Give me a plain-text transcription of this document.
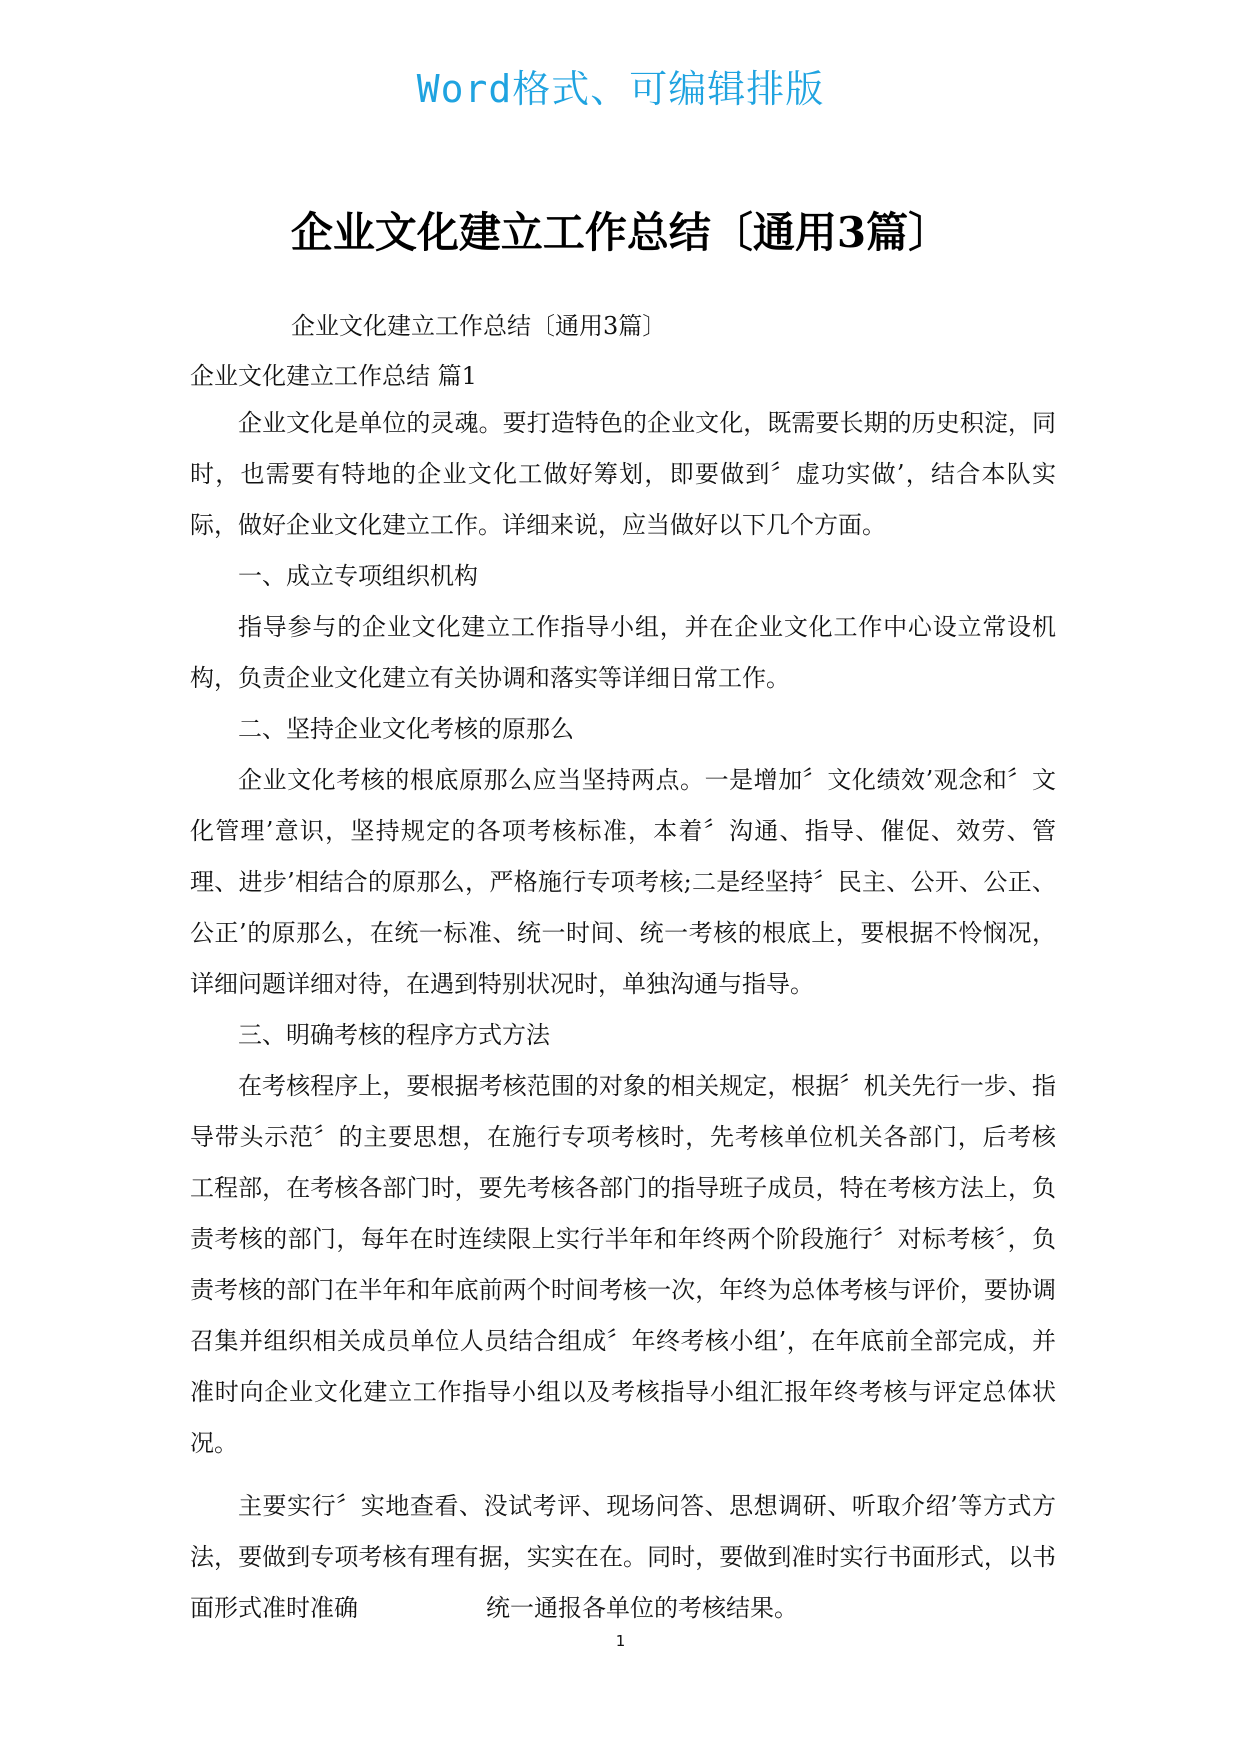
Word格式、可编辑排版
企业文化建立工作总结〔通用3篇〕
企业文化建立工作总结〔通用3篇〕
企业文化建立工作总结 篇1

企业文化是单位的灵魂。要打造特色的企业文化，既需要长期的历史积淀，同时，也需要有特地的企业文化工做好筹划，即要做到〞虚功实做’，结合本队实际，做好企业文化建立工作。详细来说，应当做好以下几个方面。

一、成立专项组织机构

指导参与的企业文化建立工作指导小组，并在企业文化工作中心设立常设机构，负责企业文化建立有关协调和落实等详细日常工作。

二、坚持企业文化考核的原那么

企业文化考核的根底原那么应当坚持两点。一是增加〞文化绩效’观念和〞文化管理’意识，坚持规定的各项考核标准，本着〞沟通、指导、催促、效劳、管理、进步’相结合的原那么，严格施行专项考核;二是经坚持〞民主、公开、公正、公正’的原那么，在统一标准、统一时间、统一考核的根底上，要根据不怜悯况，详细问题详细对待，在遇到特别状况时，单独沟通与指导。

三、明确考核的程序方式方法

在考核程序上，要根据考核范围的对象的相关规定，根据〞机关先行一步、指导带头示范〞的主要思想，在施行专项考核时，先考核单位机关各部门，后考核 工程部，在考核各部门时，要先考核各部门的指导班子成员，特在考核方法上，负责考核的部门，每年在时连续限上实行半年和年终两个阶段施行〞对标考核〞，负责考核的部门在半年和年底前两个时间考核一次，年终为总体考核与评价，要协调召集并组织相关成员单位人员结合组成〞年终考核小组’，在年底前全部完成，并准时向企业文化建立工作指导小组以及考核指导小组汇报年终考核与评定总体状况。

主要实行〞实地查看、没试考评、现场问答、思想调研、听取介绍’等方式方法，要做到专项考核有理有据，实实在在。同时，要做到准时实行书面形式，以书面形式准时准确	统一通报各单位的考核结果。

1
